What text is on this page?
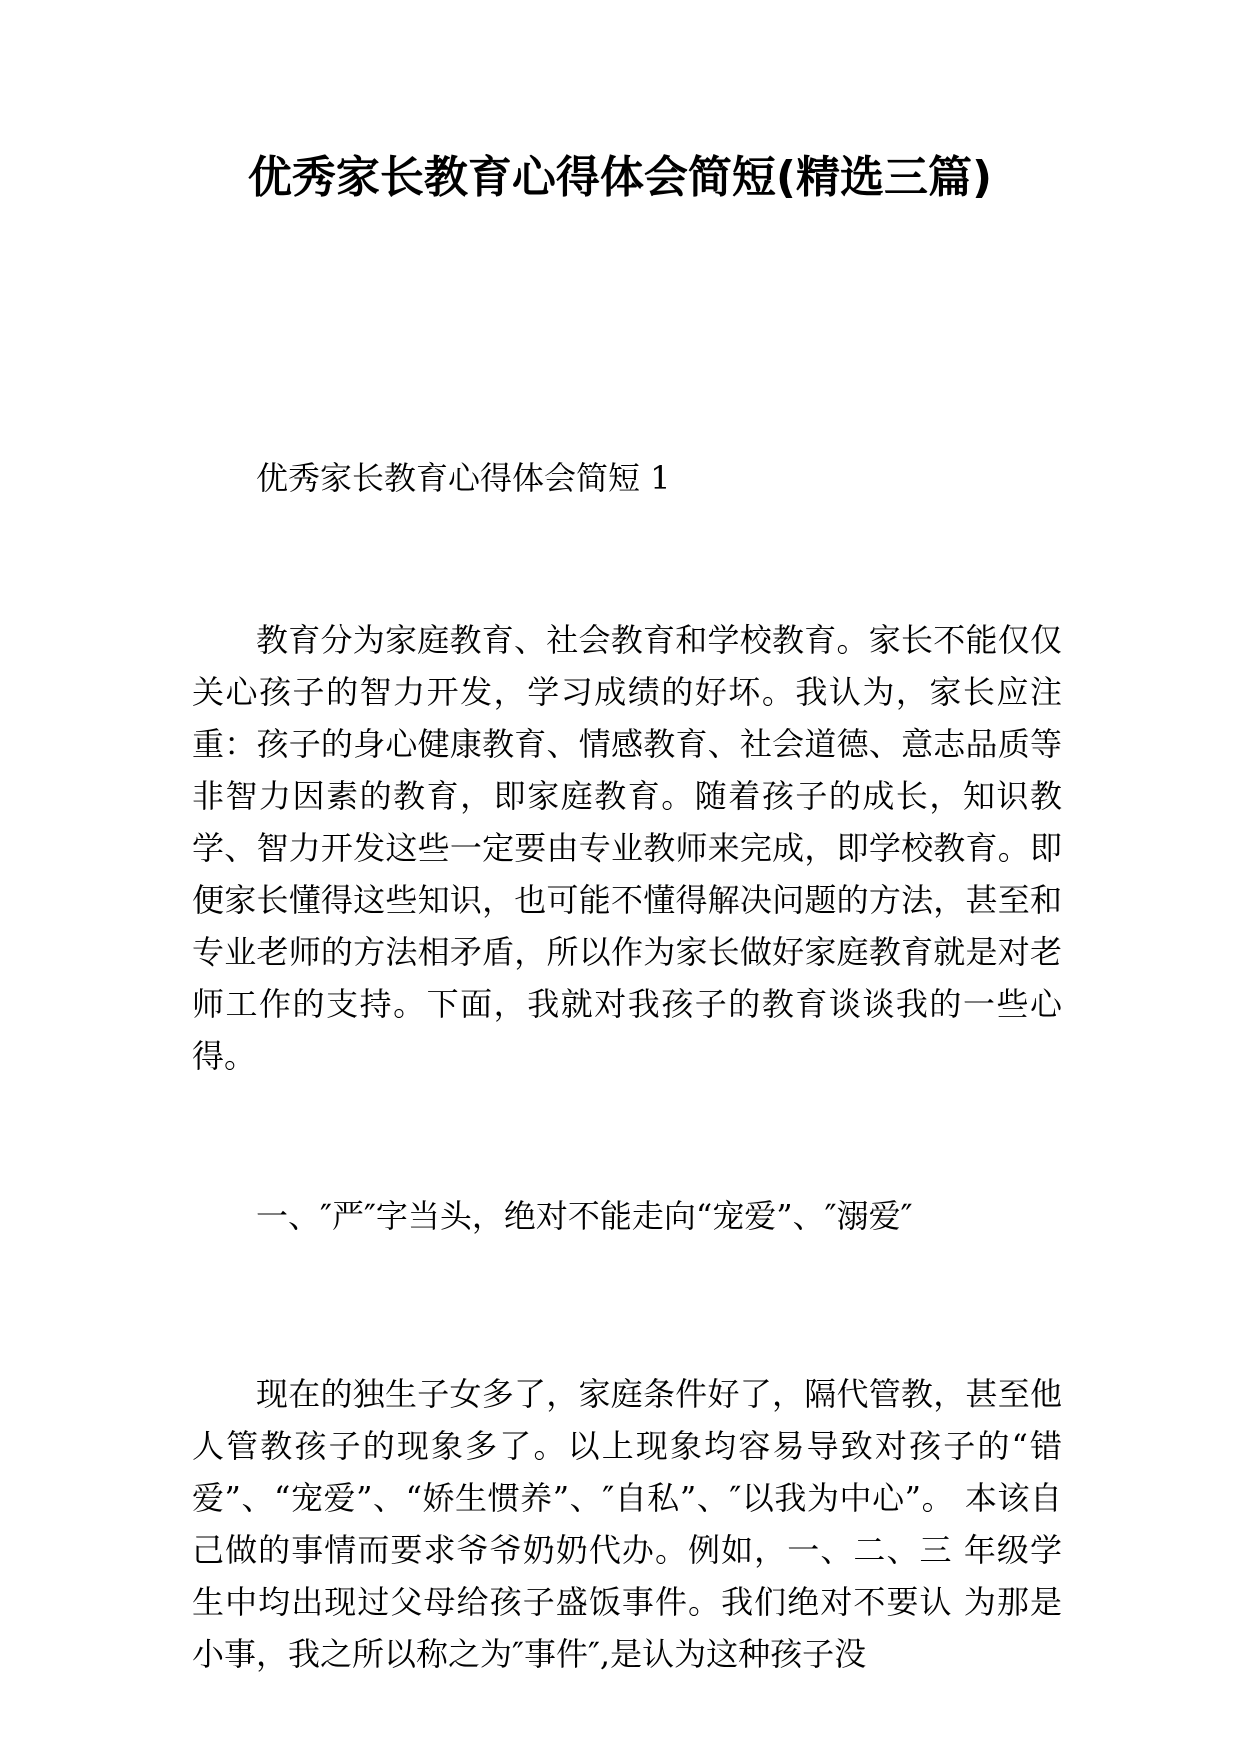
优秀家长教育心得体会简短(精选三篇)

优秀家长教育心得体会简短 1

教育分为家庭教育、社会教育和学校教育。家长不能仅仅关心孩子的智力开发，学习成绩的好坏。我认为，家长应注重：孩子的身心健康教育、情感教育、社会道德、意志品质等非智力因素的教育，即家庭教育。随着孩子的成长，知识教学、智力开发这些一定要由专业教师来完成，即学校教育。即便家长懂得这些知识，也可能不懂得解决问题的方法，甚至和专业老师的方法相矛盾，所以作为家长做好家庭教育就是对老师工作的支持。下面，我就对我孩子的教育谈谈我的一些心得。

一、″严″字当头，绝对不能走向“宠爱”、″溺爱″

现在的独生子女多了，家庭条件好了，隔代管教，甚至他人管教孩子的现象多了。以上现象均容易导致对孩子的“错爱”、“宠爱”、“娇生惯养”、″自私”、″以我为中心”。 本该自己做的事情而要求爷爷奶奶代办。例如，一、二、三 年级学生中均出现过父母给孩子盛饭事件。我们绝对不要认 为那是小事，我之所以称之为″事件″,是认为这种孩子没
